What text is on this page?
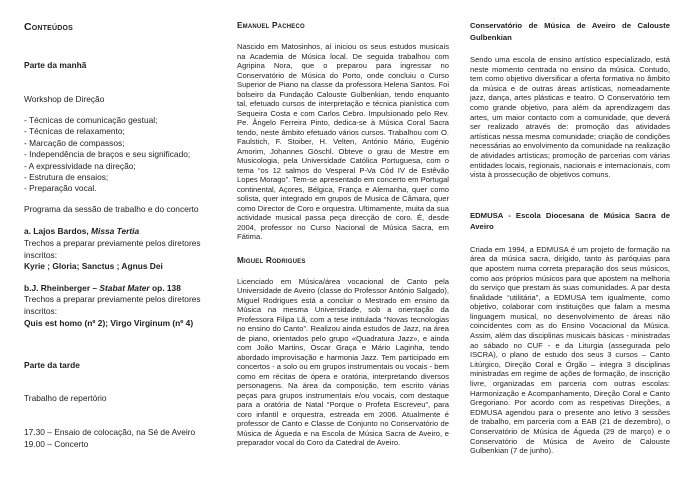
Conteúdos
Parte da manhã
Workshop de Direção
- Técnicas de comunicação gestual;
- Técnicas de relaxamento;
- Marcação de compassos;
- Independência de braços e seu significado;
- A expressividade na direção;
- Estrutura de ensaios;
- Preparação vocal.
Programa da sessão de trabalho e do concerto
a. Lajos Bardos, Missa Tertia
Trechos a preparar previamente pelos diretores inscritos:
Kyrie ; Gloria; Sanctus ; Agnus Dei
b.J. Rheinberger – Stabat Mater op. 138
Trechos a preparar previamente pelos diretores inscritos:
Quis est homo (nº 2); Virgo Virginum (nº 4)
Parte da tarde
Trabalho de repertório
17.30 – Ensaio de colocação, na Sé de Aveiro
19.00 – Concerto
Emanuel Pacheco

Nascido em Matosinhos, aí iniciou os seus estudos musicais na Academia de Música local. De seguida trabalhou com Agripina Nora, que o preparou para ingressar no Conservatório de Música do Porto, onde concluiu o Curso Superior de Piano na classe da professora Helena Santos. Foi bolseiro da Fundação Calouste Gulbenkian, tendo enquanto tal, efetuado cursos de interpretação e técnica pianística com Sequeira Costa e com Carlos Cebro. Impulsionado pelo Rev. Pe. Ângelo Ferreira Pinto, dedica-se à Música Coral Sacra tendo, neste âmbito efetuado vários cursos. Trabalhou com O. Faulstich, F. Stoiber, H. Velten, António Mário, Eugénio Amorim, Johannes Göschl. Obteve o grau de Mestre em Musicologia, pela Universidade Católica Portuguesa, com o tema “os 12 salmos do Vesperal P-Va Cód IV de Estêvão Lopes Morago”. Tem-se apresentado em concerto em Portugal continental, Açores, Bélgica, França e Alemanha, quer como solista, quer integrado em grupos de Musica de Câmara, quer como Director de Coro e orquestra. Ultimamente, muita da sua actividade musical passa peça direcção de coro. É, desde 2004, professor no Curso Nacional de Música Sacra, em Fátima.

Miguel Rodrigues

Licenciado em Música/área vocacional de Canto pela Universidade de Aveiro (classe do Professor António Salgado), Miguel Rodrigues está a concluir o Mestrado em ensino da Música na mesma Universidade, sob a orientação da Professora Filipa Lã, com a tese intitulada “Novas tecnologias no ensino do Canto”. Realizou ainda estudos de Jazz, na área de piano, orientados pelo grupo «Quadratura Jazz», e ainda com João Martins, Óscar Graça e Mário Laginha, tendo abordado improvisação e harmonia Jazz. Tem participado em concertos - a solo ou em grupos instrumentais ou vocais - bem como em récitas de ópera e oratória, interpretando diversos personagens. Na área da composição, tem escrito várias peças para grupos instrumentais e/ou vocais, com destaque para a oratória de Natal “Porque o Profeta Escreveu”, para coro infantil e orquestra, estreada em 2006. Atualmente é professor de Canto e Classe de Conjunto no Conservatório de Música de Águeda e na Escola de Música Sacra de Aveiro, e preparador vocal do Coro da Catedral de Aveiro.

Conservatório de Música de Aveiro de Calouste Gulbenkian

Sendo uma escola de ensino artístico especializado, está neste momento centrada no ensino da música. Contudo, tem como objetivo diversificar a oferta formativa no âmbito da música e de outras áreas artísticas, nomeadamente jazz, dança, artes plásticas e teatro. O Conservatório tem como grande objetivo, para além da aprendizagem das artes, um maior contacto com a comunidade, que deverá ser realizado através de: promoção das atividades artísticas nessa mesma comunidade; criação de condições necessárias ao envolvimento da comunidade na realização de atividades artísticas; promoção de parcerias com várias entidades locais, regionais, nacionais e internacionais, com vista à prossecução de objetivos comuns.

EDMUSA - Escola Diocesana de Música Sacra de Aveiro

Criada em 1994, a EDMUSA é um projeto de formação na área da música sacra, dirigido, tanto às paróquias para que apostem numa correta preparação dos seus músicos, como aos próprios músicos para que apostem na melhoria do serviço que prestam às suas comunidades. A par desta finalidade “utilitária”, a EDMUSA tem igualmente, como objetivo, colaborar com instituições que falam a mesma linguagem musical, no desenvolvimento de áreas não coincidentes com as do Ensino Vocacional da Música. Assim, além das disciplinas musicais básicas - ministradas ao sábado no CUF - e da Liturgia (assegurada pelo ISCRA), o plano de estudo dos seus 3 cursos – Canto Litúrgico, Direção Coral e Órgão – integra 3 disciplinas ministradas em regime de ações de formação, de inscrição livre, organizadas em parceria com outras escolas: Harmonização e Acompanhamento, Direção Coral e Canto Gregoriano. Por acordo com as respetivas Direções, a EDMUSA agendou para o presente ano letivo 3 sessões de trabalho, em parceria com a EAB (21 de dezembro), o Conservatório de Música de Águeda (29 de março) e o Conservatório de Música de Aveiro de Calouste Gulbenkian (7 de junho).
